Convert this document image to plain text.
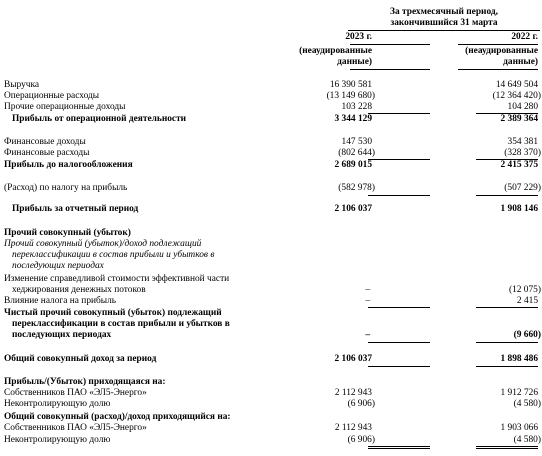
За трехмесячный период,
закончившийся 31 марта
2023 г.	2022 г.
(неаудированные	(неаудированные
данные)	данные)
Выручка	16 390 581	14 649 504
Операционные расходы	(13 149 680)	(12 364 420)
Прочие операционные доходы	103 228	104 280
Прибыль от операционной деятельности	3 344 129	2 389 364
Финансовые доходы	147 530	354 381
Финансовые расходы	(802 644)	(328 370)
Прибыль до налогообложения	2 689 015	2 415 375
(Расход) по налогу на прибыль	(582 978)	(507 229)
Прибыль за отчетный период	2 106 037	1 908 146
Прочий совокупный (убыток)
Прочий совокупный (убыток)/доход подлежащий
переклассификации в состав прибыли и убытков в
последующих периодах
Изменение справедливой стоимости эффективной части
хеджирования денежных потоков	–	(12 075)
Влияние налога на прибыль	–	2 415
Чистый прочий совокупный (убыток) подлежащий
переклассификации в состав прибыли и убытков в
последующих периодах	–	(9 660)
Общий совокупный доход за период	2 106 037	1 898 486
Прибыль/(Убыток) приходящаяся на:
Собственников ПАО «ЭЛ5-Энерго»	2 112 943	1 912 726
Неконтролирующую долю	(6 906)	(4 580)
Общий совокупный (расход)/доход приходящийся на:
Собственников ПАО «ЭЛ5-Энерго»	2 112 943	1 903 066
Неконтролирующую долю	(6 906)	(4 580)
